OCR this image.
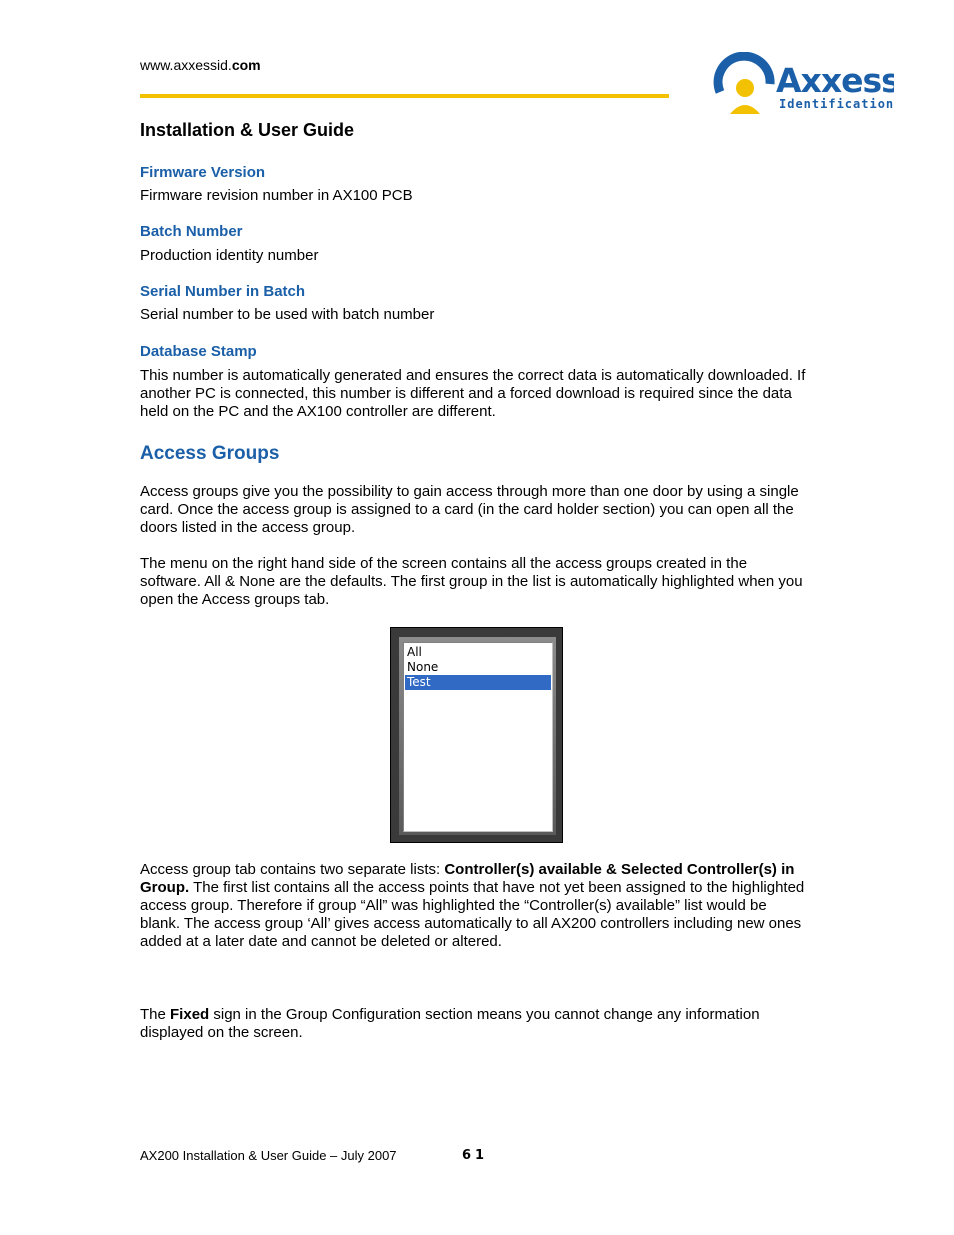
www.axxessid.com	Axxess
Identification
Installation & User Guide
Firmware Version
Firmware revision number in AX100 PCB
Batch Number
Production identity number
Serial Number in Batch
Serial number to be used with batch number
Database Stamp
This number is automatically generated and ensures the correct data is automatically downloaded. If another PC is connected, this number is different and a forced download is required since the data held on the PC and the AX100 controller are different.
Access Groups
Access groups give you the possibility to gain access through more than one door by using a single card. Once the access group is assigned to a card (in the card holder section) you can open all the doors listed in the access group.
The menu on the right hand side of the screen contains all the access groups created in the software. All & None are the defaults. The first group in the list is automatically highlighted when you open the Access groups tab.
All
None
Test
Access group tab contains two separate lists: Controller(s) available & Selected Controller(s) in Group. The first list contains all the access points that have not yet been assigned to the highlighted access group. Therefore if group “All” was highlighted the “Controller(s) available” list would be blank. The access group ‘All’ gives access automatically to all AX200 controllers including new ones added at a later date and cannot be deleted or altered.
The Fixed sign in the Group Configuration section means you cannot change any information displayed on the screen.
AX200 Installation & User Guide – July 2007	61
